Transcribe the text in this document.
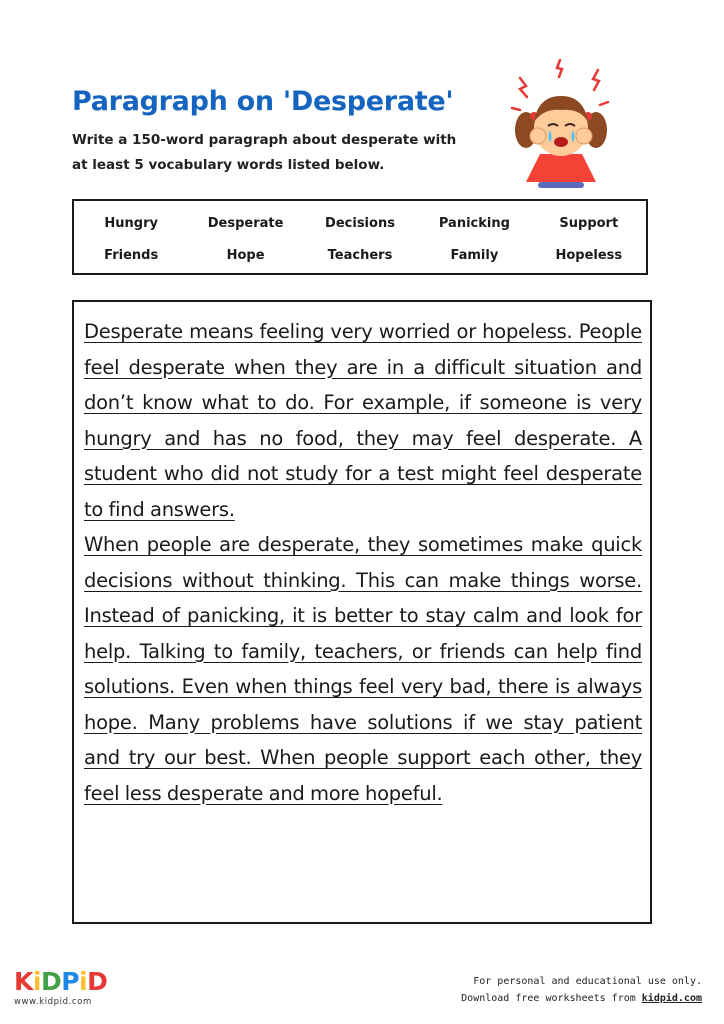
Paragraph on 'Desperate'
Write a 150-word paragraph about desperate with at least 5 vocabulary words listed below.
Hungry	Desperate	Decisions	Panicking	Support
Friends	Hope	Teachers	Family	Hopeless

Desperate means feeling very worried or hopeless. People feel desperate when they are in a difficult situation and don’t know what to do. For example, if someone is very hungry and has no food, they may feel desperate. A student who did not study for a test might feel desperate to find answers.

When people are desperate, they sometimes make quick decisions without thinking. This can make things worse. Instead of panicking, it is better to stay calm and look for help. Talking to family, teachers, or friends can help find solutions. Even when things feel very bad, there is always hope. Many problems have solutions if we stay patient and try our best. When people support each other, they feel less desperate and more hopeful.

KiDPiD
www.kidpid.com
For personal and educational use only.
Download free worksheets from kidpid.com
